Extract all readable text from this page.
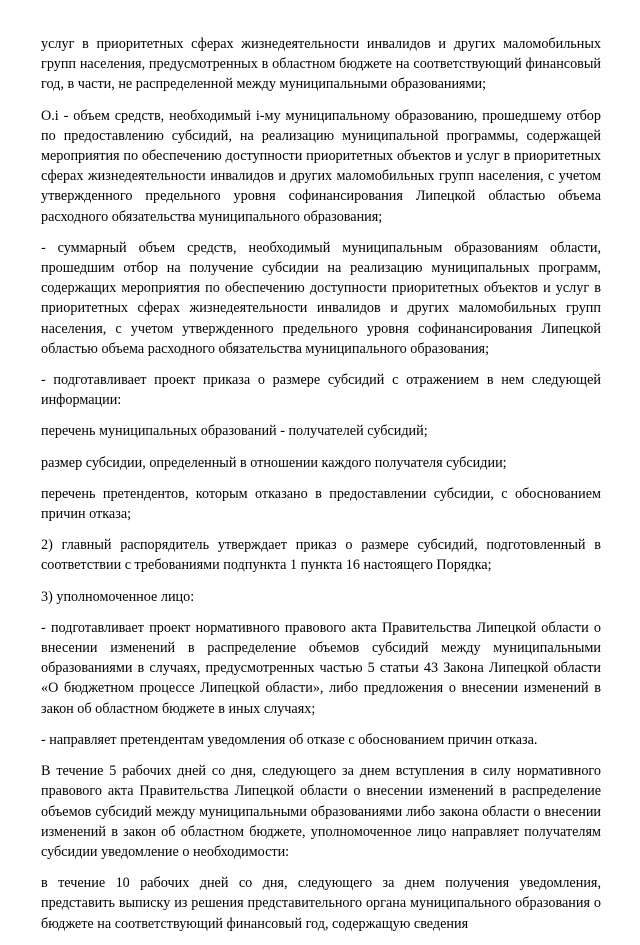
услуг в приоритетных сферах жизнедеятельности инвалидов и других маломобильных групп населения, предусмотренных в областном бюджете на соответствующий финансовый год, в части, не распределенной между муниципальными образованиями;

O.i - объем средств, необходимый i-му муниципальному образованию, прошедшему отбор по предоставлению субсидий, на реализацию муниципальной программы, содержащей мероприятия по обеспечению доступности приоритетных объектов и услуг в приоритетных сферах жизнедеятельности инвалидов и других маломобильных групп населения, с учетом утвержденного предельного уровня софинансирования Липецкой областью объема расходного обязательства муниципального образования;

- суммарный объем средств, необходимый муниципальным образованиям области, прошедшим отбор на получение субсидии на реализацию муниципальных программ, содержащих мероприятия по обеспечению доступности приоритетных объектов и услуг в приоритетных сферах жизнедеятельности инвалидов и других маломобильных групп населения, с учетом утвержденного предельного уровня софинансирования Липецкой областью объема расходного обязательства муниципального образования;

- подготавливает проект приказа о размере субсидий с отражением в нем следующей информации:

перечень муниципальных образований - получателей субсидий;

размер субсидии, определенный в отношении каждого получателя субсидии;

перечень претендентов, которым отказано в предоставлении субсидии, с обоснованием причин отказа;

2) главный распорядитель утверждает приказ о размере субсидий, подготовленный в соответствии с требованиями подпункта 1 пункта 16 настоящего Порядка;

3) уполномоченное лицо:

- подготавливает проект нормативного правового акта Правительства Липецкой области о внесении изменений в распределение объемов субсидий между муниципальными образованиями в случаях, предусмотренных частью 5 статьи 43 Закона Липецкой области «О бюджетном процессе Липецкой области», либо предложения о внесении изменений в закон об областном бюджете в иных случаях;

- направляет претендентам уведомления об отказе с обоснованием причин отказа.

В течение 5 рабочих дней со дня, следующего за днем вступления в силу нормативного правового акта Правительства Липецкой области о внесении изменений в распределение объемов субсидий между муниципальными образованиями либо закона области о внесении изменений в закон об областном бюджете, уполномоченное лицо направляет получателям субсидии уведомление о необходимости:

в течение 10 рабочих дней со дня, следующего за днем получения уведомления, представить выписку из решения представительного органа муниципального образования о бюджете на соответствующий финансовый год, содержащую сведения
